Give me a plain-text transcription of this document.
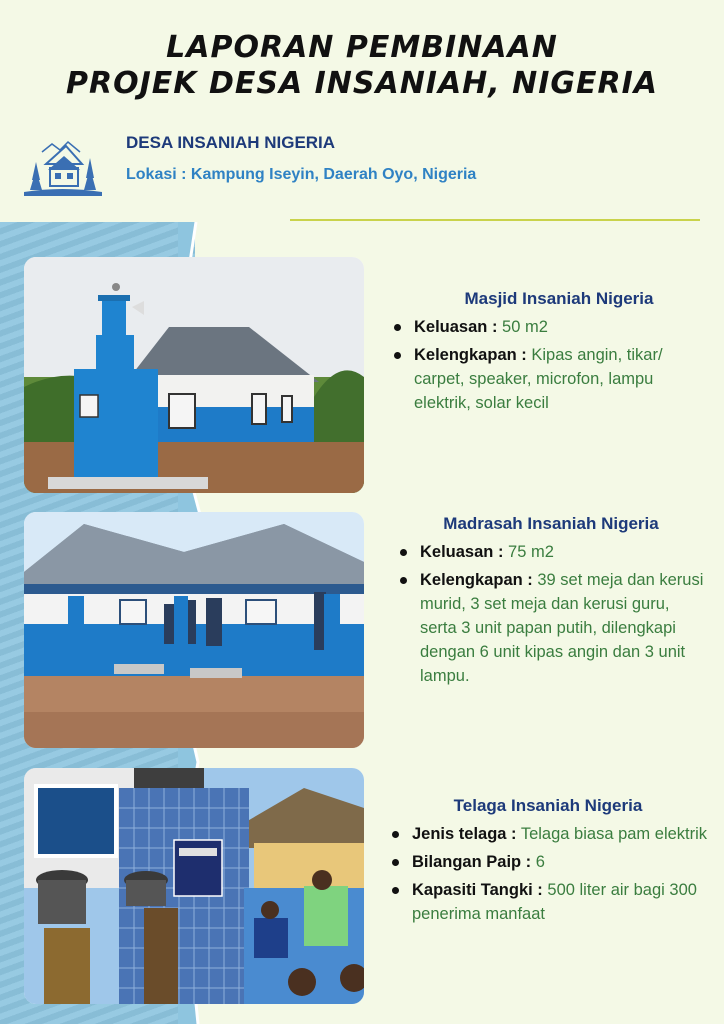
LAPORAN PEMBINAAN
PROJEK DESA INSANIAH, NIGERIA
DESA INSANIAH NIGERIA
Lokasi : Kampung Iseyin, Daerah Oyo, Nigeria
Masjid Insaniah Nigeria
Keluasan : 50 m2
Kelengkapan : Kipas angin, tikar/ carpet, speaker, microfon, lampu elektrik, solar kecil
Madrasah Insaniah Nigeria
Keluasan : 75 m2
Kelengkapan : 39 set meja dan kerusi murid, 3 set meja dan kerusi guru, serta 3 unit papan putih, dilengkapi dengan 6 unit kipas angin dan 3 unit lampu.
Telaga Insaniah Nigeria
Jenis telaga : Telaga biasa pam elektrik
Bilangan Paip : 6
Kapasiti Tangki : 500 liter air bagi 300 penerima manfaat
